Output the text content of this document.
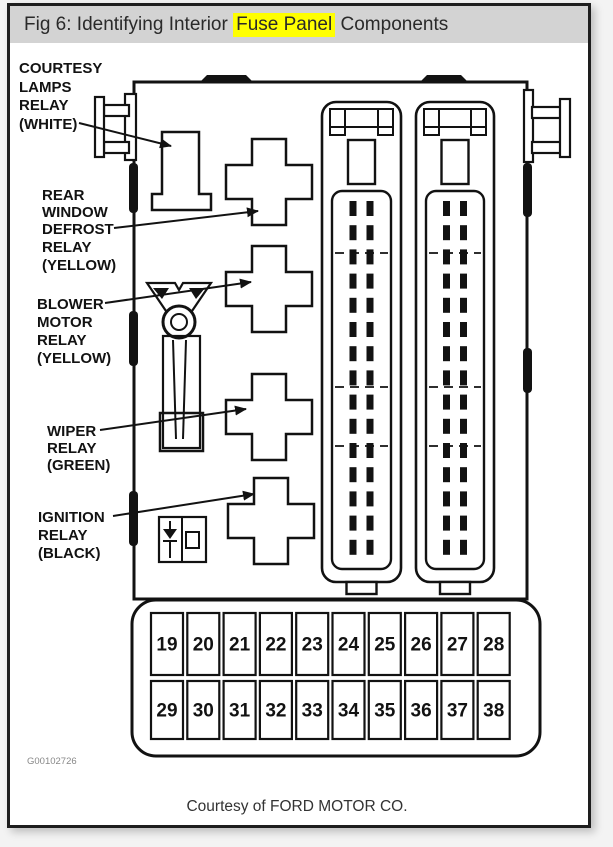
Fig 6: Identifying Interior Fuse Panel Components
19 20 21 22 23 24 25 26 27 28
29 30 31 32 33 34 35 36 37 38
COURTESY
LAMPS
RELAY
(WHITE)
REAR
WINDOW
DEFROST
RELAY
(YELLOW)
BLOWER
MOTOR
RELAY
(YELLOW)
WIPER
RELAY
(GREEN)
IGNITION
RELAY
(BLACK)
G00102726
Courtesy of FORD MOTOR CO.
